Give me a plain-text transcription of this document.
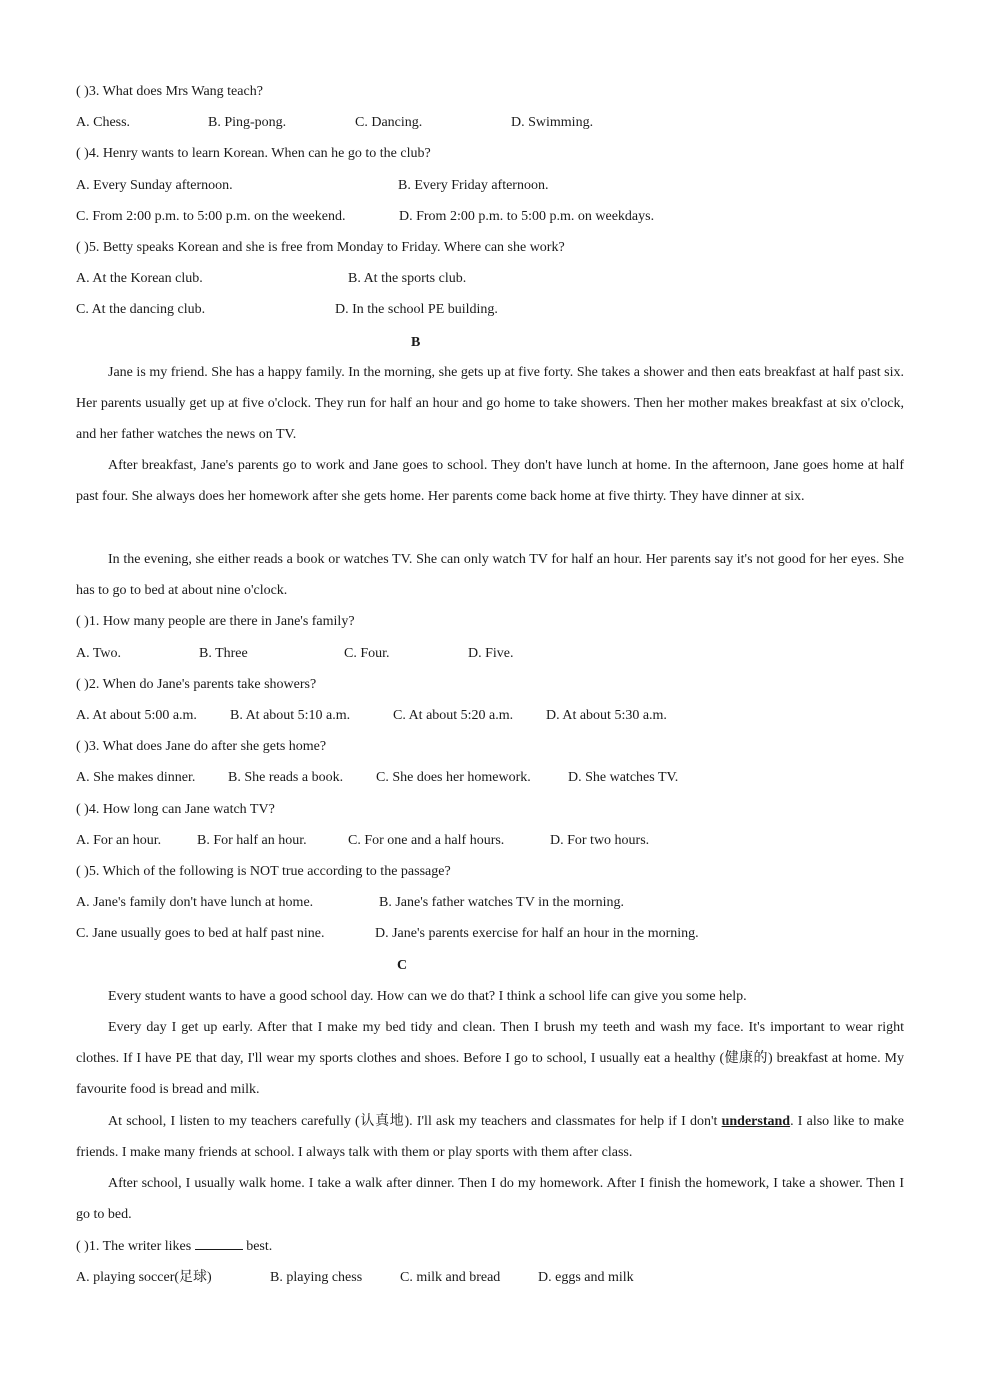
( )3. What does Mrs Wang teach?
A. Chess.	B. Ping-pong.	C. Dancing.	D. Swimming.
( )4. Henry wants to learn Korean. When can he go to the club?
A. Every Sunday afternoon.	B. Every Friday afternoon.
C. From 2:00 p.m. to 5:00 p.m. on the weekend.	D. From 2:00 p.m. to 5:00 p.m. on weekdays.
( )5. Betty speaks Korean and she is free from Monday to Friday. Where can she work?
A. At the Korean club.	B. At the sports club.
C. At the dancing club.	D. In the school PE building.
B
Jane is my friend. She has a happy family. In the morning, she gets up at five forty. She takes a shower and then eats breakfast at half past six. Her parents usually get up at five o'clock. They run for half an hour and go home to take showers. Then her mother makes breakfast at six o'clock, and her father watches the news on TV.
After breakfast, Jane's parents go to work and Jane goes to school. They don't have lunch at home. In the afternoon, Jane goes home at half past four. She always does her homework after she gets home. Her parents come back home at five thirty. They have dinner at six.
In the evening, she either reads a book or watches TV. She can only watch TV for half an hour. Her parents say it's not good for her eyes. She has to go to bed at about nine o'clock.
( )1. How many people are there in Jane's family?
A. Two.	B. Three	C. Four.	D. Five.
( )2. When do Jane's parents take showers?
A. At about 5:00 a.m. B. At about 5:10 a.m.	C. At about 5:20 a.m. D. At about 5:30 a.m.
( )3. What does Jane do after she gets home?
A. She makes dinner. B. She reads a book. C. She does her homework.	D. She watches TV.
( )4. How long can Jane watch TV?
A. For an hour.	B. For half an hour.	C. For one and a half hours.	D. For two hours.
( )5. Which of the following is NOT true according to the passage?
A. Jane's family don't have lunch at home.	B. Jane's father watches TV in the morning.
C. Jane usually goes to bed at half past nine.	D. Jane's parents exercise for half an hour in the morning.
C
Every student wants to have a good school day. How can we do that? I think a school life can give you some help.
Every day I get up early. After that I make my bed tidy and clean. Then I brush my teeth and wash my face. It's important to wear right clothes. If I have PE that day, I'll wear my sports clothes and shoes. Before I go to school, I usually eat a healthy (健康的) breakfast at home. My favourite food is bread and milk.
At school, I listen to my teachers carefully (认真地). I'll ask my teachers and classmates for help if I don't understand. I also like to make friends. I make many friends at school. I always talk with them or play sports with them after class.
After school, I usually walk home. I take a walk after dinner. Then I do my homework. After I finish the homework, I take a shower. Then I go to bed.
( )1. The writer likes	best.
A. playing soccer(足球)	B. playing chess	C. milk and bread	D. eggs and milk
